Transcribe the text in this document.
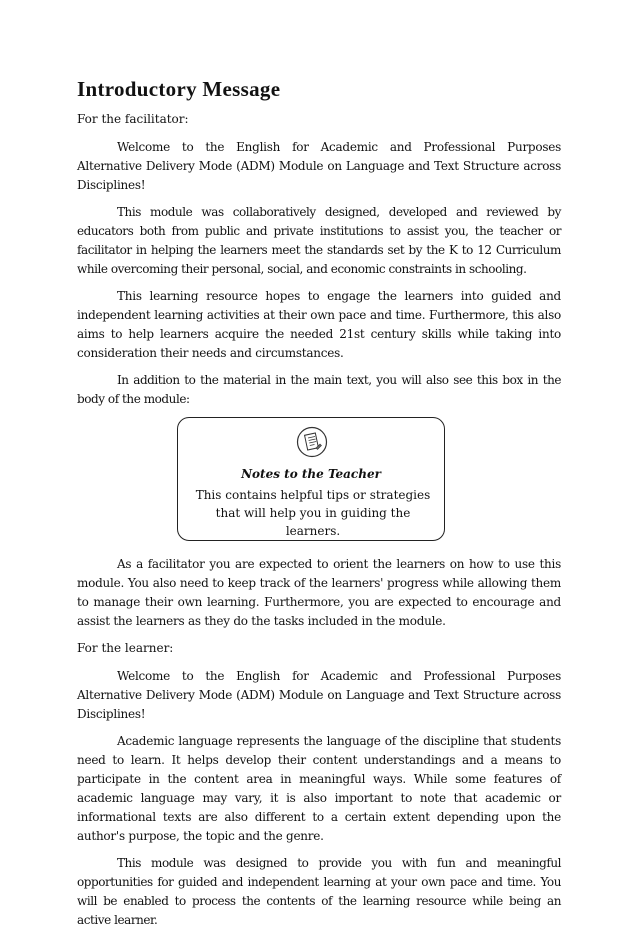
Introductory Message
For the facilitator:

Welcome to the English for Academic and Professional Purposes Alternative Delivery Mode (ADM) Module on Language and Text Structure across Disciplines!

This module was collaboratively designed, developed and reviewed by educators both from public and private institutions to assist you, the teacher or facilitator in helping the learners meet the standards set by the K to 12 Curriculum while overcoming their personal, social, and economic constraints in schooling.

This learning resource hopes to engage the learners into guided and independent learning activities at their own pace and time. Furthermore, this also aims to help learners acquire the needed 21st century skills while taking into consideration their needs and circumstances.

In addition to the material in the main text, you will also see this box in the body of the module:

Notes to the Teacher
This contains helpful tips or strategies that will help you in guiding the learners.

As a facilitator you are expected to orient the learners on how to use this module. You also need to keep track of the learners' progress while allowing them to manage their own learning. Furthermore, you are expected to encourage and assist the learners as they do the tasks included in the module.

For the learner:

Welcome to the English for Academic and Professional Purposes Alternative Delivery Mode (ADM) Module on Language and Text Structure across Disciplines!

Academic language represents the language of the discipline that students need to learn. It helps develop their content understandings and a means to participate in the content area in meaningful ways. While some features of academic language may vary, it is also important to note that academic or informational texts are also different to a certain extent depending upon the author's purpose, the topic and the genre.

This module was designed to provide you with fun and meaningful opportunities for guided and independent learning at your own pace and time. You will be enabled to process the contents of the learning resource while being an active learner.
